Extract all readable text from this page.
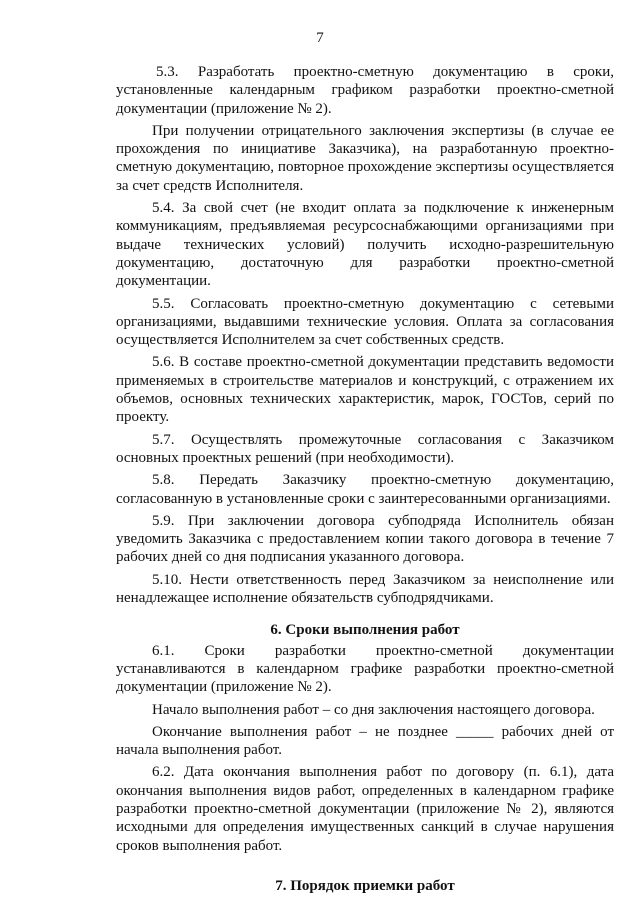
7

5.3. Разработать проектно-сметную документацию в сроки, установленные календарным графиком разработки проектно-сметной документации (приложение № 2).

При получении отрицательного заключения экспертизы (в случае ее прохождения по инициативе Заказчика), на разработанную проектно-сметную документацию, повторное прохождение экспертизы осуществляется за счет средств Исполнителя.

5.4. За свой счет (не входит оплата за подключение к инженерным коммуникациям, предъявляемая ресурсоснабжающими организациями при выдаче технических условий) получить исходно-разрешительную документацию, достаточную для разработки проектно-сметной документации.

5.5. Согласовать проектно-сметную документацию с сетевыми организациями, выдавшими технические условия. Оплата за согласования осуществляется Исполнителем за счет собственных средств.

5.6. В составе проектно-сметной документации представить ведомости применяемых в строительстве материалов и конструкций, с отражением их объемов, основных технических характеристик, марок, ГОСТов, серий по проекту.

5.7. Осуществлять промежуточные согласования с Заказчиком основных проектных решений (при необходимости).

5.8. Передать Заказчику проектно-сметную документацию, согласованную в установленные сроки с заинтересованными организациями.

5.9. При заключении договора субподряда Исполнитель обязан уведомить Заказчика с предоставлением копии такого договора в течение 7 рабочих дней со дня подписания указанного договора.

5.10. Нести ответственность перед Заказчиком за неисполнение или ненадлежащее исполнение обязательств субподрядчиками.

6. Сроки выполнения работ

6.1. Сроки разработки проектно-сметной документации устанавливаются в календарном графике разработки проектно-сметной документации (приложение № 2).

Начало выполнения работ – со дня заключения настоящего договора.

Окончание выполнения работ – не позднее _____ рабочих дней от начала выполнения работ.

6.2. Дата окончания выполнения работ по договору (п. 6.1), дата окончания выполнения видов работ, определенных в календарном графике разработки проектно-сметной документации (приложение № 2), являются исходными для определения имущественных санкций в случае нарушения сроков выполнения работ.

7. Порядок приемки работ
